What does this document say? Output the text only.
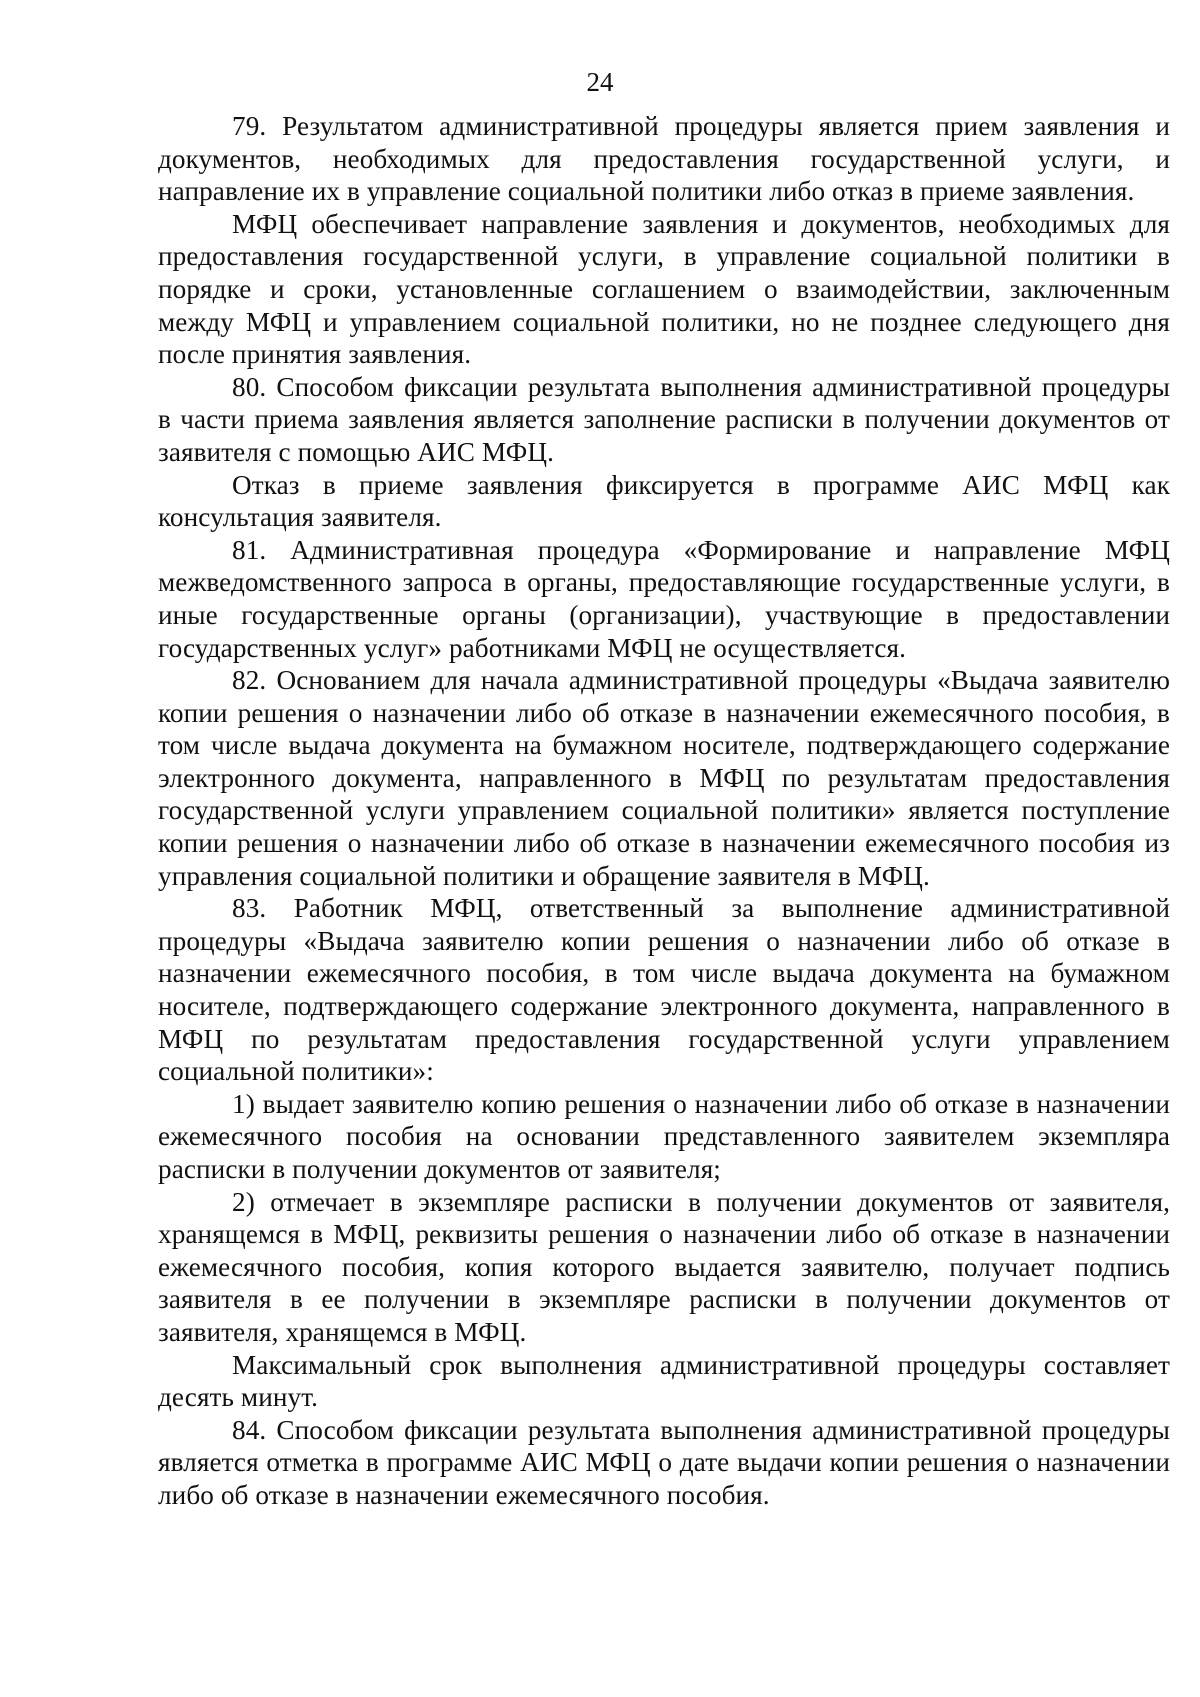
24

79. Результатом административной процедуры является прием заявления и документов, необходимых для предоставления государственной услуги, и направление их в управление социальной политики либо отказ в приеме заявления.

МФЦ обеспечивает направление заявления и документов, необходимых для предоставления государственной услуги, в управление социальной политики в порядке и сроки, установленные соглашением о взаимодействии, заключенным между МФЦ и управлением социальной политики, но не позднее следующего дня после принятия заявления.

80. Способом фиксации результата выполнения административной процедуры в части приема заявления является заполнение расписки в получении документов от заявителя с помощью АИС МФЦ.

Отказ в приеме заявления фиксируется в программе АИС МФЦ как консультация заявителя.

81. Административная процедура «Формирование и направление МФЦ межведомственного запроса в органы, предоставляющие государственные услуги, в иные государственные органы (организации), участвующие в предоставлении государственных услуг» работниками МФЦ не осуществляется.

82. Основанием для начала административной процедуры «Выдача заявителю копии решения о назначении либо об отказе в назначении ежемесячного пособия, в том числе выдача документа на бумажном носителе, подтверждающего содержание электронного документа, направленного в МФЦ по результатам предоставления государственной услуги управлением социальной политики» является поступление копии решения о назначении либо об отказе в назначении ежемесячного пособия из управления социальной политики и обращение заявителя в МФЦ.

83. Работник МФЦ, ответственный за выполнение административной процедуры «Выдача заявителю копии решения о назначении либо об отказе в назначении ежемесячного пособия, в том числе выдача документа на бумажном носителе, подтверждающего содержание электронного документа, направленного в МФЦ по результатам предоставления государственной услуги управлением социальной политики»:

1) выдает заявителю копию решения о назначении либо об отказе в назначении ежемесячного пособия на основании представленного заявителем экземпляра расписки в получении документов от заявителя;

2) отмечает в экземпляре расписки в получении документов от заявителя, хранящемся в МФЦ, реквизиты решения о назначении либо об отказе в назначении ежемесячного пособия, копия которого выдается заявителю, получает подпись заявителя в ее получении в экземпляре расписки в получении документов от заявителя, хранящемся в МФЦ.

Максимальный срок выполнения административной процедуры составляет десять минут.

84. Способом фиксации результата выполнения административной процедуры является отметка в программе АИС МФЦ о дате выдачи копии решения о назначении либо об отказе в назначении ежемесячного пособия.
